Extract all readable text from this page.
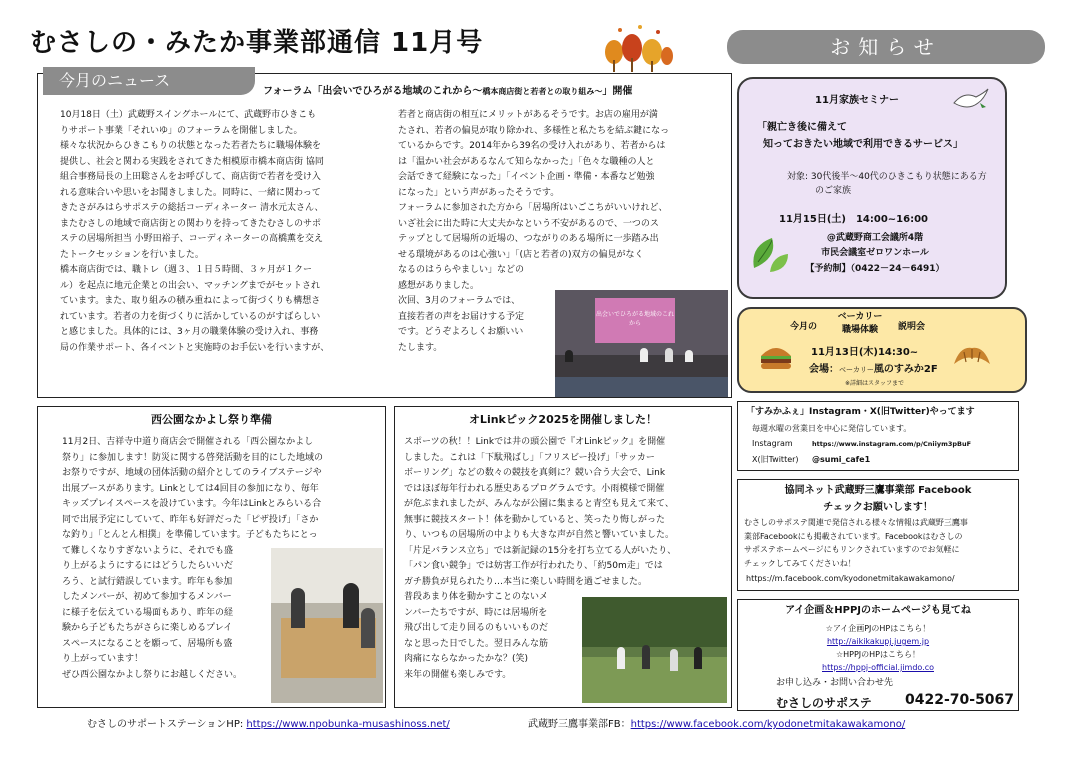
むさしの・みたか事業部通信 11月号	お知らせ
今月のニュース
フォーラム「出会いでひろがる地域のこれから～橋本商店街と若者との取り組み～」開催
10月18日（土）武蔵野スイングホールにて、武蔵野市ひきこも
りサポート事業「それいゆ」のフォーラムを開催しました。
様々な状況からひきこもりの状態となった若者たちに職場体験を
提供し、社会と関わる実践をされてきた相模原市橋本商店街 協同
組合事務局長の上田聡さんをお呼びして、商店街で若者を受け入
れる意味合いや思いをお聞きしました。同時に、一緒に関わって
きたさがみはらサポステの総括コーディネーター 清水元太さん、
またむさしの地域で商店街との関わりを持ってきたむさしのサポ
ステの居場所担当 小野田裕子、コーディネーターの高橋薫を交え
たトークセッションを行いました。
橋本商店街では、職トレ（週３、１日５時間、３ヶ月が１クー
ル）を起点に地元企業との出会い、マッチングまでがセットされ
ています。また、取り組みの積み重ねによって街づくりも構想さ
れています。若者の力を街づくりに活かしているのがすばらしい
と感じました。具体的には、3ヶ月の職業体験の受け入れ、事務
局の作業サポート、各イベントと実施時のお手伝いを行いますが、
若者と商店街の相互にメリットがあるそうです。お店の雇用が満
たされ、若者の偏見が取り除かれ、多様性と私たちを結ぶ鍵になっ
ているからです。2014年から39名の受け入れがあり、若者からは
は「温かい社会があるなんて知らなかった」「色々な職種の人と
会話できて経験になった」「イベント企画・準備・本番など勉強
になった」という声があったそうです。
フォーラムに参加された方から「居場所はいごこちがいいけれど、
いざ社会に出た時に大丈夫かなという不安があるので、一つのス
テップとして居場所の近場の、つながりのある場所に一歩踏み出
せる環境があるのは心強い」「(店と若者の)双方の偏見がなく
なるのはうらやましい」などの
感想がありました。
次回、3月のフォーラムでは、
直接若者の声をお届けする予定
です。どうぞよろしくお願いい
たします。
出会いでひろがる地域のこれから
11月家族セミナー
「親亡き後に備えて
知っておきたい地域で利用できるサービス」
対象: 30代後半～40代のひきこもり状態にある方
のご家族
11月15日(土)　14:00~16:00
@武蔵野商工会議所4階
市民会議室ゼロワンホール
【予約制】（0422－24－6491）
今月の
ベーカリー
職場体験	説明会
11月13日(木)14:30~
会場：ベーカリー風のすみか2F
※詳細はスタッフまで
「すみかふぇ」Instagram・X(旧Twitter)やってます
毎週水曜の営業日を中心に発信しています。
Instagram	https://www.instagram.com/p/Cniiym3pBuF
X(旧Twitter) @sumi_cafe1
協同ネット武蔵野三鷹事業部 Facebook
チェックお願いします！
むさしのサポステ関連で発信される様々な情報は武蔵野三鷹事
業部Facebookにも掲載されています。Facebookはむさしの
サポステホームページにもリンクされていますのでお気軽に
チェックしてみてくださいね！
https://m.facebook.com/kyodonetmitakawakamono/
アイ企画＆HPPJのホームページも見てね
☆アイ企画PJのHPはこちら！
http://aikikakupj.jugem.jp
☆HPPJのHPはこちら！
https://hppj-official.jimdo.co
お申し込み・お問い合わせ先
むさしのサポステ 0422-70-5067
西公園なかよし祭り準備
11月2日、吉祥寺中道り商店会で開催される「西公園なかよし
祭り」に参加します！防災に関する啓発活動を目的にした地域の
お祭りですが、地域の団体活動の紹介としてのライブステージや
出展ブースがあります。Linkとしては4回目の参加になり、毎年
キッズプレイスペースを設けています。今年はLinkとみらいる合
同で出展予定にしていて、昨年も好評だった「ピザ投げ」「さか
な釣り」「とんとん相撲」を準備しています。子どもたちにとっ
て難しくなりすぎないように、それでも盛
り上がるようにするにはどうしたらいいだ
ろう、と試行錯誤しています。昨年も参加
したメンバーが、初めて参加するメンバー
に様子を伝えている場面もあり、昨年の経
験から子どもたちがさらに楽しめるプレイ
スペースになることを願って、居場所も盛
り上がっています！
ぜひ西公園なかよし祭りにお越しください。
オLinkピック2025を開催しました！
スポーツの秋！！Linkでは井の頭公園で『オLinkピック』を開催
しました。これは「下駄飛ばし」「フリスビー投げ」「サッカー
ボーリング」などの数々の競技を真剣に？競い合う大会で、Link
ではほぼ毎年行われる歴史あるプログラムです。小雨模様で開催
が危ぶまれましたが、みんなが公園に集まると青空も見えて来て、
無事に競技スタート！体を動かしていると、笑ったり悔しがった
り、いつもの居場所の中よりも大きな声が自然と響いていました。
「片足バランス立ち」では新記録の15分を打ち立てる人がいたり、
「パン食い競争」では妨害工作が行われたり、「約50m走」では
ガチ勝負が見られたり…本当に楽しい時間を過ごせました。
普段あまり体を動かすことのないメ
ンバーたちですが、時には居場所を
飛び出して走り回るのもいいものだ
なと思った日でした。翌日みんな筋
肉痛にならなかったかな？(笑)
来年の開催も楽しみです。
むさしのサポートステーションHP: https://www.npobunka-musashinoss.net/	武蔵野三鷹事業部FB：https://www.facebook.com/kyodonetmitakawakamono/
